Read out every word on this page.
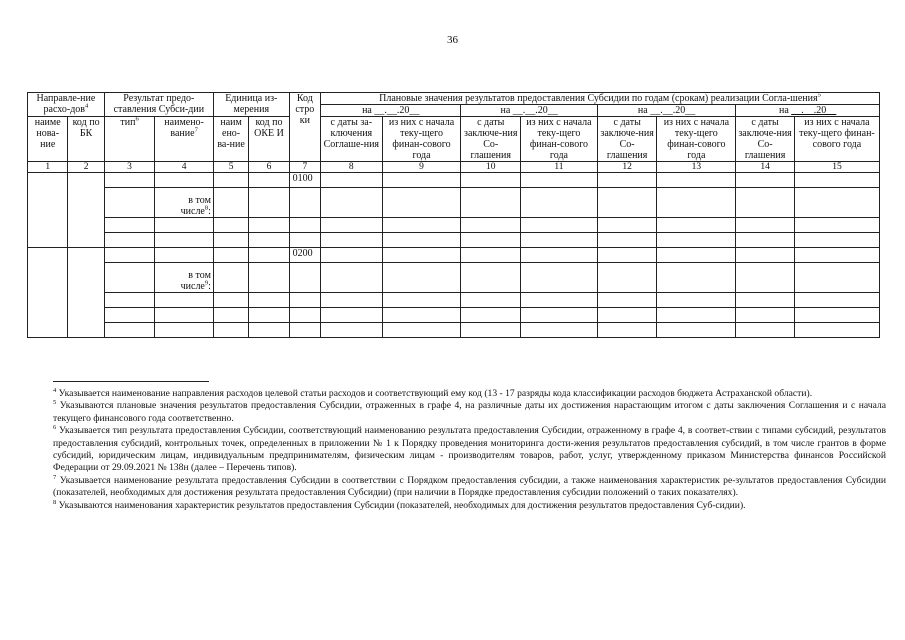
36
Направле-ние расхо-дов$^4$		Результат предо-ставления Субси-дии		Единица из-мерения		Код стро ки	Плановые значения результатов предоставления Субсидии по годам (срокам) реализации Согла-шения$^5$
							на __.__.20__		на __.__.20__		на __.__.20__		на __.__.20__	
наиме нова-ние	код по БК	тип$^6$	наимено-вание$^7$	наим ено-ва-ние	код по ОКЕ И		с даты за-ключения Соглаше-ния	из них с начала теку-щего финан-сового года	с даты заключе-ния Со-глашения	из них с начала теку-щего финан-сового года	с даты заключе-ния Со-глашения	из них с начала теку-щего финан-сового года	с даты заключе-ния Со-глашения	из них с начала теку-щего финан-сового года
1	2	3	4	5	6	7	8	9	10	11	12	13	14	15
						0100								
			в том числе$^8$:											

						0200								
			в том числе$^9$:											

$^4$ Указывается наименование направления расходов целевой статьи расходов и соответствующий ему код (13 - 17 разряды кода классификации расходов бюджета Астраханской области).

$^5$ Указываются плановые значения результатов предоставления Субсидии, отраженных в графе 4, на различные даты их достижения нарастающим итогом с даты заключения Соглашения и с начала текущего финансового года соответственно.

$^6$ Указывается тип результата предоставления Субсидии, соответствующий наименованию результата предоставления Субсидии, отраженному в графе 4, в соответ-ствии с типами субсидий, результатов предоставления субсидий, контрольных точек, определенных в приложении № 1 к Порядку проведения мониторинга дости-жения результатов предоставления субсидий, в том числе грантов в форме субсидий, юридическим лицам, индивидуальным предпринимателям, физическим лицам - производителям товаров, работ, услуг, утвержденному приказом Министерства финансов Российской Федерации от 29.09.2021 № 138н (далее – Перечень типов).

$^7$ Указывается наименование результата предоставления Субсидии в соответствии с Порядком предоставления субсидии, а также наименования характеристик ре-зультатов предоставления Субсидии (показателей, необходимых для достижения результата предоставления Субсидии) (при наличии в Порядке предоставления субсидии положений о таких показателях).

$^8$ Указываются наименования характеристик результатов предоставления Субсидии (показателей, необходимых для достижения результатов предоставления Суб-сидии).
